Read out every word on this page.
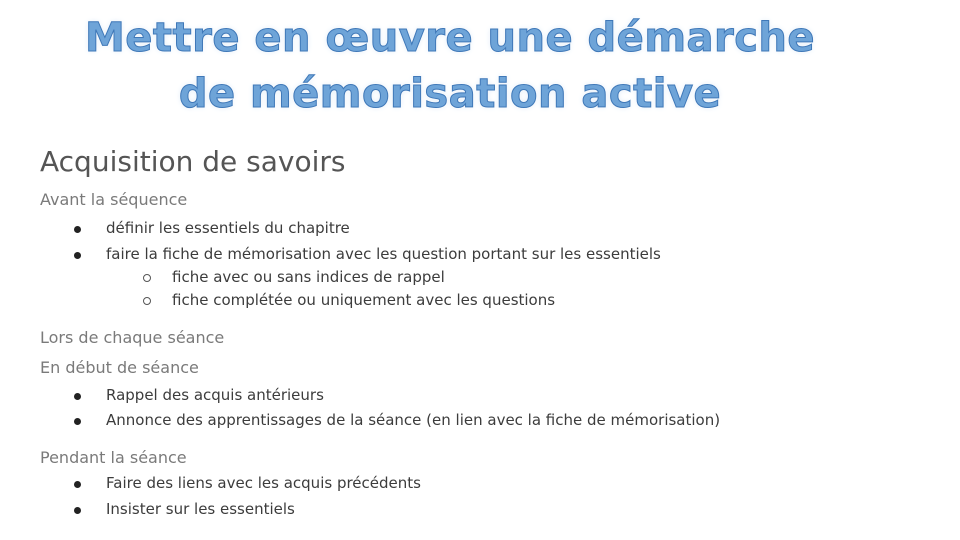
Mettre en œuvre une démarche
de mémorisation active
Acquisition de savoirs
Avant la séquence
définir les essentiels du chapitre
faire la fiche de mémorisation avec les question portant sur les essentiels
fiche avec ou sans indices de rappel
fiche complétée ou uniquement avec les questions
Lors de chaque séance
En début de séance
Rappel des acquis antérieurs
Annonce des apprentissages de la séance (en lien avec la fiche de mémorisation)
Pendant la séance
Faire des liens avec les acquis précédents
Insister sur les essentiels
